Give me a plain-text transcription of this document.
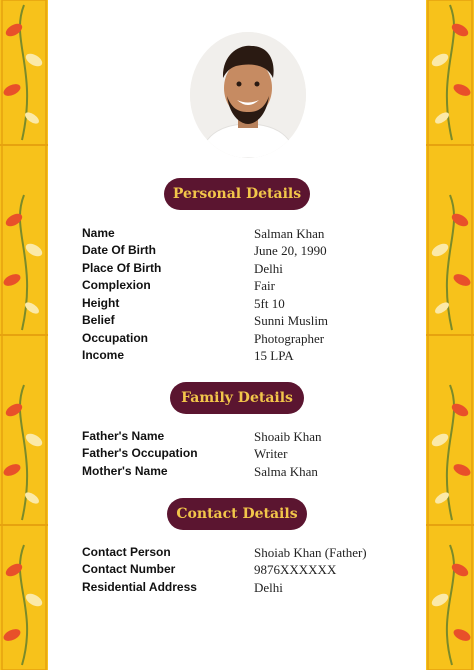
Personal Details
Family Details
Contact Details
Name	Salman Khan
Date Of Birth	June 20, 1990
Place Of Birth	Delhi
Complexion	Fair
Height	5ft 10
Belief	Sunni Muslim
Occupation	Photographer
Income	15 LPA
Father's Name	Shoaib Khan
Father's Occupation	Writer
Mother's Name	Salma Khan
Contact Person	Shoiab Khan (Father)
Contact Number	9876XXXXXX
Residential Address	Delhi
